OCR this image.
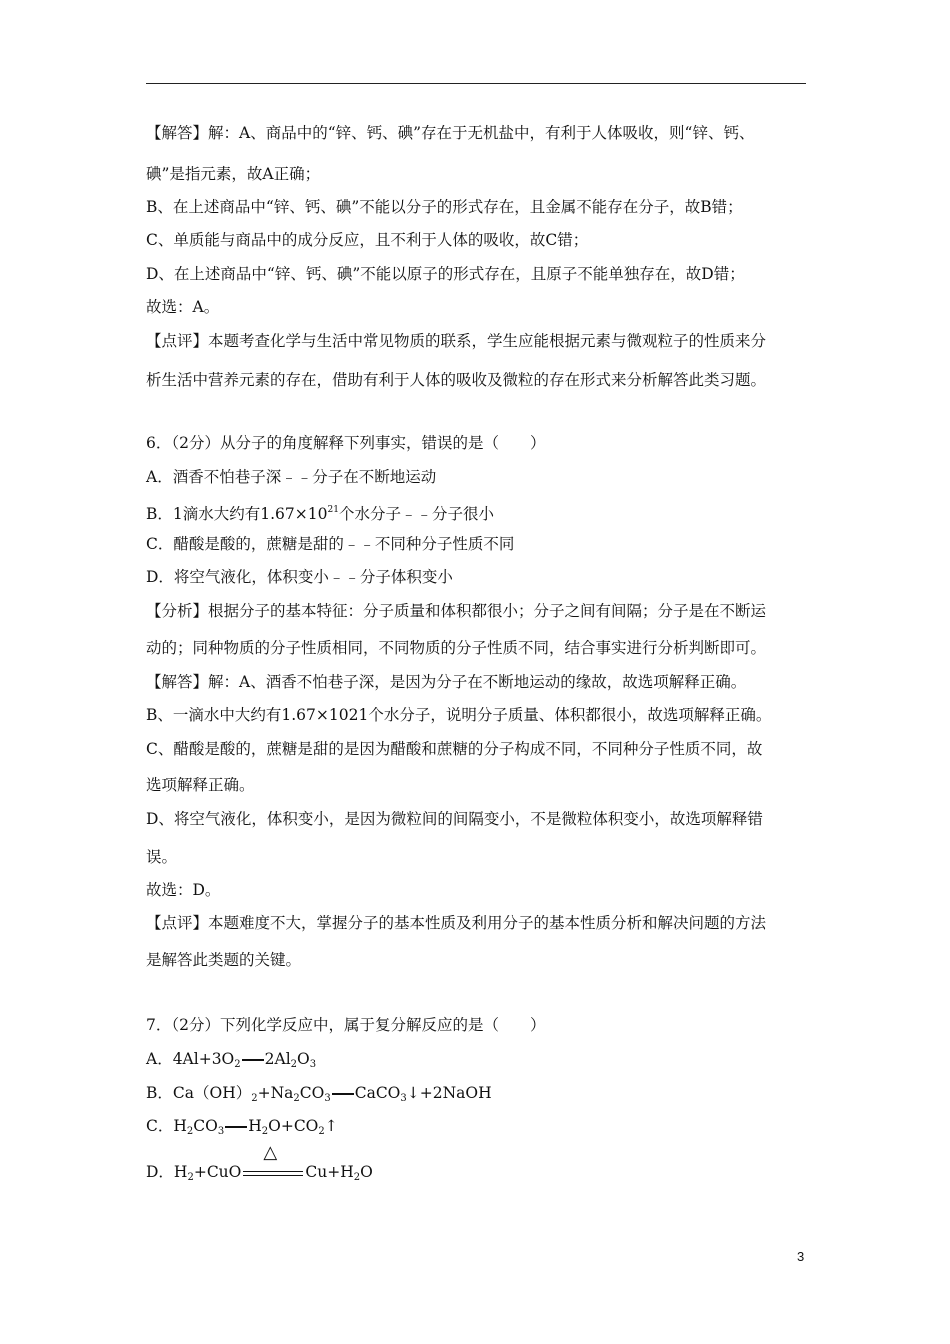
【解答】解：A、商品中的“锌、钙、碘”存在于无机盐中，有利于人体吸收，则“锌、钙、
碘”是指元素，故A正确；
B、在上述商品中“锌、钙、碘”不能以分子的形式存在，且金属不能存在分子，故B错；
C、单质能与商品中的成分反应，且不利于人体的吸收，故C错；
D、在上述商品中“锌、钙、碘”不能以原子的形式存在，且原子不能单独存在，故D错；
故选：A。
【点评】本题考查化学与生活中常见物质的联系，学生应能根据元素与微观粒子的性质来分
析生活中营养元素的存在，借助有利于人体的吸收及微粒的存在形式来分析解答此类习题。
6．（2分）从分子的角度解释下列事实，错误的是（　　）
A．酒香不怕巷子深﹣﹣分子在不断地运动
B．1滴水大约有$1.67\times 10^{21}$个水分子﹣﹣分子很小
C．醋酸是酸的，蔗糖是甜的﹣﹣不同种分子性质不同
D．将空气液化，体积变小﹣﹣分子体积变小
【分析】根据分子的基本特征：分子质量和体积都很小；分子之间有间隔；分子是在不断运
动的；同种物质的分子性质相同，不同物质的分子性质不同，结合事实进行分析判断即可。
【解答】解：A、酒香不怕巷子深，是因为分子在不断地运动的缘故，故选项解释正确。
B、一滴水中大约有1.67×1021个水分子，说明分子质量、体积都很小，故选项解释正确。
C、醋酸是酸的，蔗糖是甜的是因为醋酸和蔗糖的分子构成不同，不同种分子性质不同，故
选项解释正确。
D、将空气液化，体积变小，是因为微粒间的间隔变小，不是微粒体积变小，故选项解释错
误。
故选：D。
【点评】本题难度不大，掌握分子的基本性质及利用分子的基本性质分析和解决问题的方法
是解答此类题的关键。
7．（2分）下列化学反应中，属于复分解反应的是（　　）
A．$4Al+3O_2$ $2Al_2O_3$
B．$Ca(OH)_2+Na_2CO_3$ CaCO$_3$↓+2NaOH
C．$H_2CO_3$ $H_2O+CO_2↑$
D．$H_2+CuO$
△
$Cu+H_2O$
3
